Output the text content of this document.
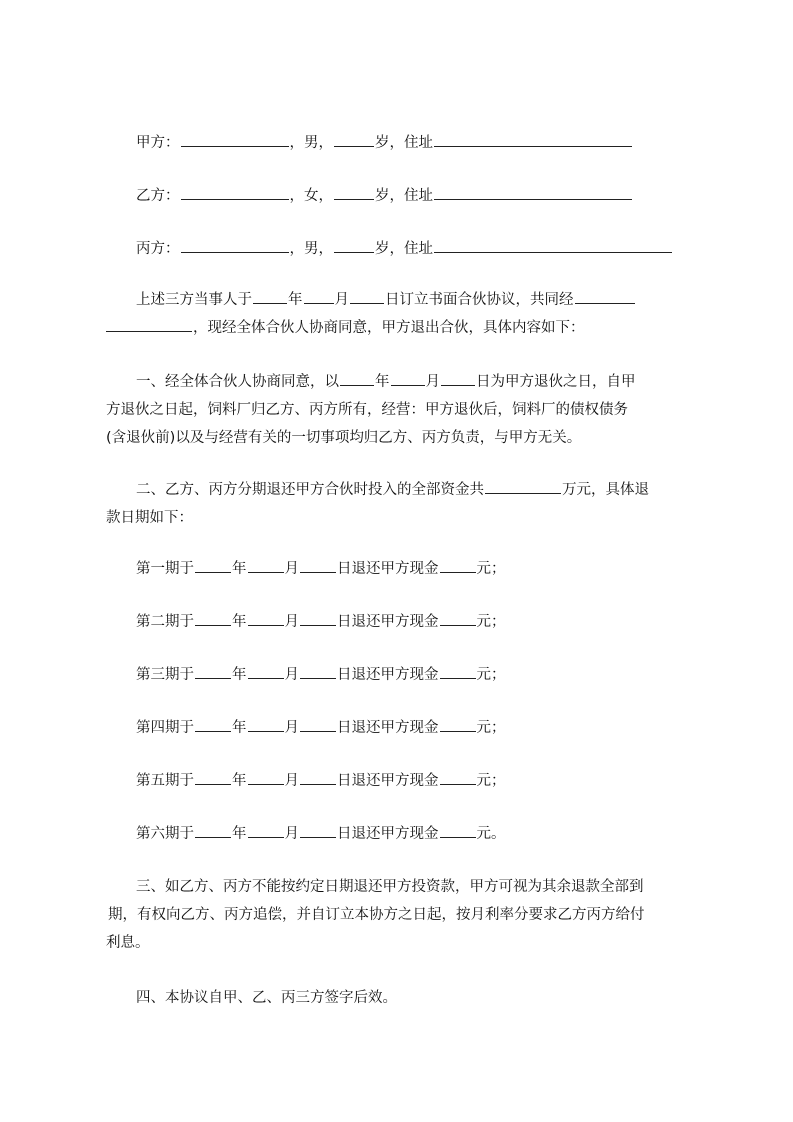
甲方：	，男，	岁，住址
乙方：	，女，	岁，住址
丙方：	，男，	岁，住址
上述三方当事人于 年 月 日订立书面合伙协议，共同经
，现经全体合伙人协商同意，甲方退出合伙，具体内容如下：
一、经全体合伙人协商同意，以 年 月 日为甲方退伙之日，自甲
方退伙之日起，饲料厂归乙方、丙方所有，经营：甲方退伙后，饲料厂的债权债务
(含退伙前)以及与经营有关的一切事项均归乙方、丙方负责，与甲方无关。
二、乙方、丙方分期退还甲方合伙时投入的全部资金共	万元，具体退
款日期如下：
第一期于	年	月	日退还甲方现金	元；
第二期于	年	月	日退还甲方现金	元；
第三期于	年	月	日退还甲方现金	元；
第四期于	年	月	日退还甲方现金	元；
第五期于	年	月	日退还甲方现金	元；
第六期于	年	月	日退还甲方现金	元。
三、如乙方、丙方不能按约定日期退还甲方投资款，甲方可视为其余退款全部到
期，有权向乙方、丙方追偿，并自订立本协方之日起，按月利率分要求乙方丙方给付
利息。
四、本协议自甲、乙、丙三方签字后效。
